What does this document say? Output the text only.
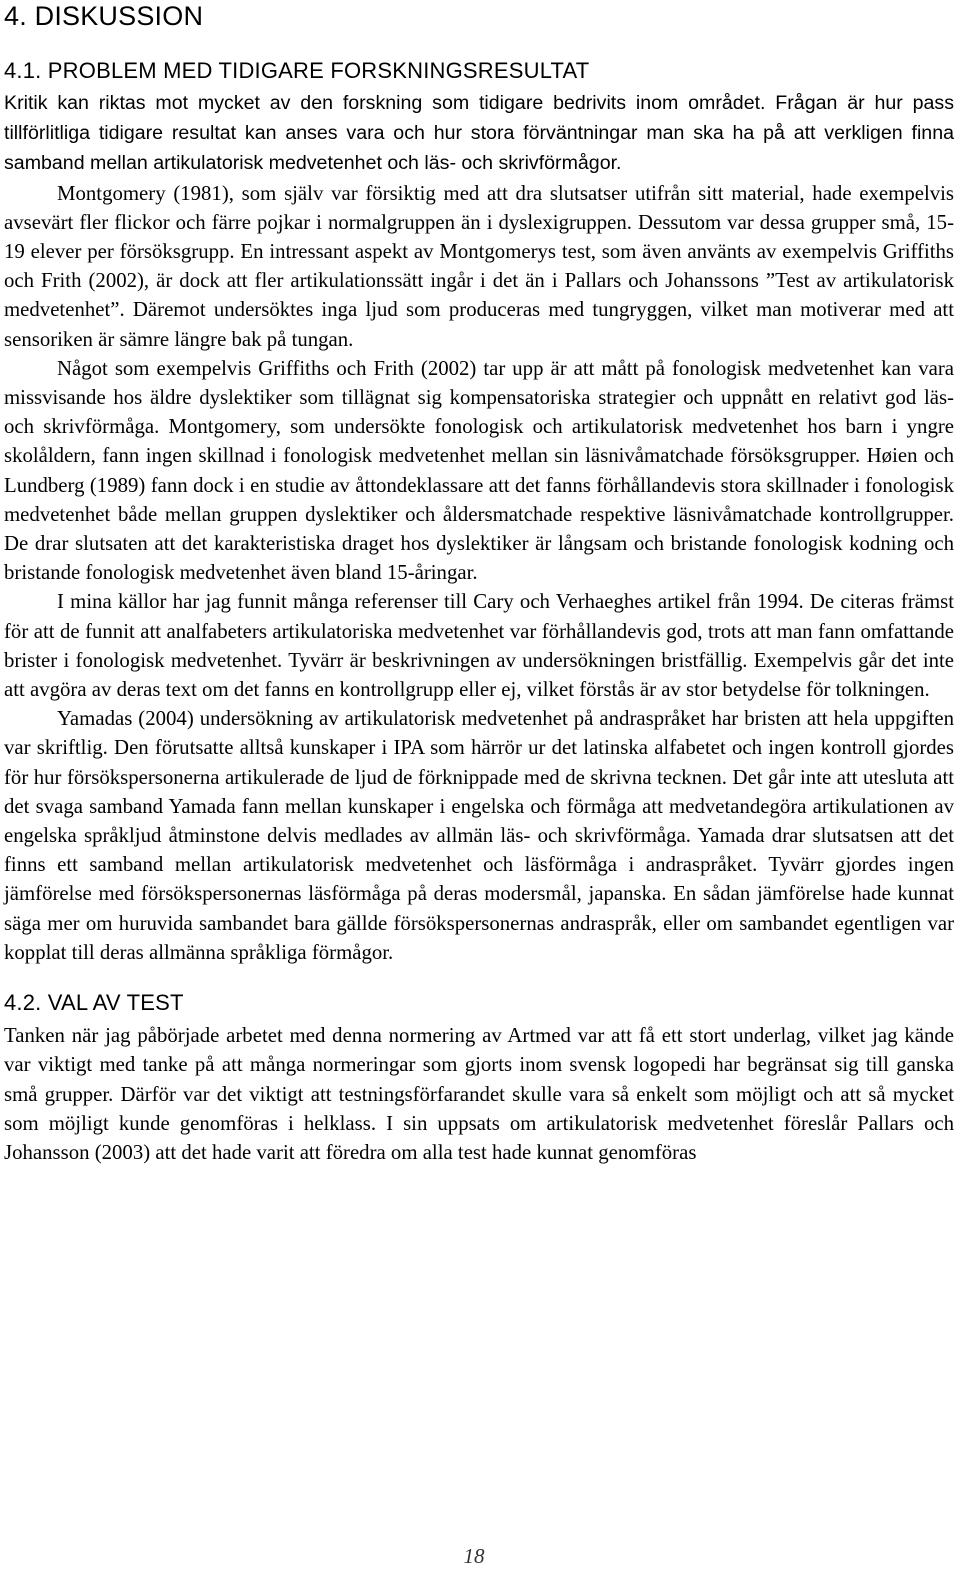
4. DISKUSSION
4.1. PROBLEM MED TIDIGARE FORSKNINGSRESULTAT

Kritik kan riktas mot mycket av den forskning som tidigare bedrivits inom området. Frågan är hur pass tillförlitliga tidigare resultat kan anses vara och hur stora förväntningar man ska ha på att verkligen finna samband mellan artikulatorisk medvetenhet och läs- och skrivförmågor.

Montgomery (1981), som själv var försiktig med att dra slutsatser utifrån sitt material, hade exempelvis avsevärt fler flickor och färre pojkar i normalgruppen än i dyslexigruppen. Dessutom var dessa grupper små, 15-19 elever per försöksgrupp. En intressant aspekt av Montgomerys test, som även använts av exempelvis Griffiths och Frith (2002), är dock att fler artikulationssätt ingår i det än i Pallars och Johanssons ”Test av artikulatorisk medvetenhet”. Däremot undersöktes inga ljud som produceras med tungryggen, vilket man motiverar med att sensoriken är sämre längre bak på tungan.

Något som exempelvis Griffiths och Frith (2002) tar upp är att mått på fonologisk medvetenhet kan vara missvisande hos äldre dyslektiker som tillägnat sig kompensatoriska strategier och uppnått en relativt god läs- och skrivförmåga. Montgomery, som undersökte fonologisk och artikulatorisk medvetenhet hos barn i yngre skolåldern, fann ingen skillnad i fonologisk medvetenhet mellan sin läsnivåmatchade försöksgrupper. Høien och Lundberg (1989) fann dock i en studie av åttondeklassare att det fanns förhållandevis stora skillnader i fonologisk medvetenhet både mellan gruppen dyslektiker och åldersmatchade respektive läsnivåmatchade kontrollgrupper. De drar slutsaten att det karakteristiska draget hos dyslektiker är långsam och bristande fonologisk kodning och bristande fonologisk medvetenhet även bland 15-åringar.

I mina källor har jag funnit många referenser till Cary och Verhaeghes artikel från 1994. De citeras främst för att de funnit att analfabeters artikulatoriska medvetenhet var förhållandevis god, trots att man fann omfattande brister i fonologisk medvetenhet. Tyvärr är beskrivningen av undersökningen bristfällig. Exempelvis går det inte att avgöra av deras text om det fanns en kontrollgrupp eller ej, vilket förstås är av stor betydelse för tolkningen.

Yamadas (2004) undersökning av artikulatorisk medvetenhet på andraspråket har bristen att hela uppgiften var skriftlig. Den förutsatte alltså kunskaper i IPA som härrör ur det latinska alfabetet och ingen kontroll gjordes för hur försökspersonerna artikulerade de ljud de förknippade med de skrivna tecknen. Det går inte att utesluta att det svaga samband Yamada fann mellan kunskaper i engelska och förmåga att medvetandegöra artikulationen av engelska språkljud åtminstone delvis medlades av allmän läs- och skrivförmåga. Yamada drar slutsatsen att det finns ett samband mellan artikulatorisk medvetenhet och läsförmåga i andraspråket. Tyvärr gjordes ingen jämförelse med försökspersonernas läsförmåga på deras modersmål, japanska. En sådan jämförelse hade kunnat säga mer om huruvida sambandet bara gällde försökspersonernas andraspråk, eller om sambandet egentligen var kopplat till deras allmänna språkliga förmågor.

4.2. VAL AV TEST

Tanken när jag påbörjade arbetet med denna normering av Artmed var att få ett stort underlag, vilket jag kände var viktigt med tanke på att många normeringar som gjorts inom svensk logopedi har begränsat sig till ganska små grupper. Därför var det viktigt att testningsförfarandet skulle vara så enkelt som möjligt och att så mycket som möjligt kunde genomföras i helklass. I sin uppsats om artikulatorisk medvetenhet föreslår Pallars och Johansson (2003) att det hade varit att föredra om alla test hade kunnat genomföras

18
